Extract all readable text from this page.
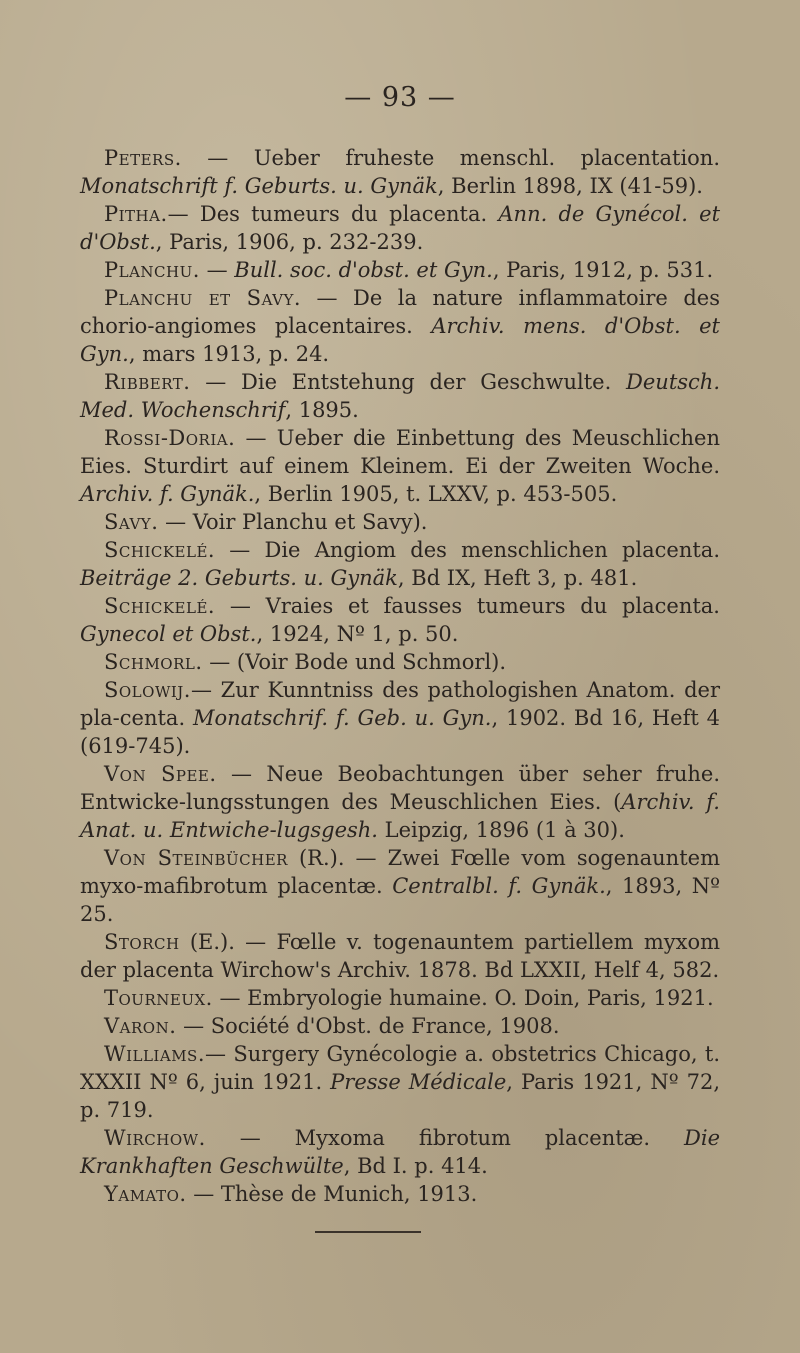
— 93 —

Peters. — Ueber fruheste menschl. placentation. Monatschrift f. Geburts. u. Gynäk, Berlin 1898, IX (41-59).

Pitha.— Des tumeurs du placenta. Ann. de Gynécol. et d'Obst., Paris, 1906, p. 232-239.

Planchu. — Bull. soc. d'obst. et Gyn., Paris, 1912, p. 531.

Planchu et Savy. — De la nature inflammatoire des chorio-angiomes placentaires. Archiv. mens. d'Obst. et Gyn., mars 1913, p. 24.

Ribbert. — Die Entstehung der Geschwulte. Deutsch. Med. Wochenschrif, 1895.

Rossi-Doria. — Ueber die Einbettung des Meuschlichen Eies. Sturdirt auf einem Kleinem. Ei der Zweiten Woche. Archiv. f. Gynäk., Berlin 1905, t. LXXV, p. 453-505.

Savy. — Voir Planchu et Savy).

Schickelé. — Die Angiom des menschlichen placenta. Beiträge 2. Geburts. u. Gynäk, Bd IX, Heft 3, p. 481.

Schickelé. — Vraies et fausses tumeurs du placenta. Gynecol et Obst., 1924, Nº 1, p. 50.

Schmorl. — (Voir Bode und Schmorl).

Solowij.— Zur Kunntniss des pathologishen Anatom. der pla-centa. Monatschrif. f. Geb. u. Gyn., 1902. Bd 16, Heft 4 (619-745).

Von Spee. — Neue Beobachtungen über seher fruhe. Entwicke-lungsstungen des Meuschlichen Eies. (Archiv. f. Anat. u. Entwiche-lugsgesh. Leipzig, 1896 (1 à 30).

Von Steinbücher (R.). — Zwei Fœlle vom sogenauntem myxo-mafibrotum placentæ. Centralbl. f. Gynäk., 1893, Nº 25.

Storch (E.). — Fœlle v. togenauntem partiellem myxom der placenta Wirchow's Archiv. 1878. Bd LXXII, Helf 4, 582.

Tourneux. — Embryologie humaine. O. Doin, Paris, 1921.

Varon. — Société d'Obst. de France, 1908.

Williams.— Surgery Gynécologie a. obstetrics Chicago, t. XXXII Nº 6, juin 1921. Presse Médicale, Paris 1921, Nº 72, p. 719.

Wirchow. — Myxoma fibrotum placentæ. Die Krankhaften Geschwülte, Bd I. p. 414.

Yamato. — Thèse de Munich, 1913.
